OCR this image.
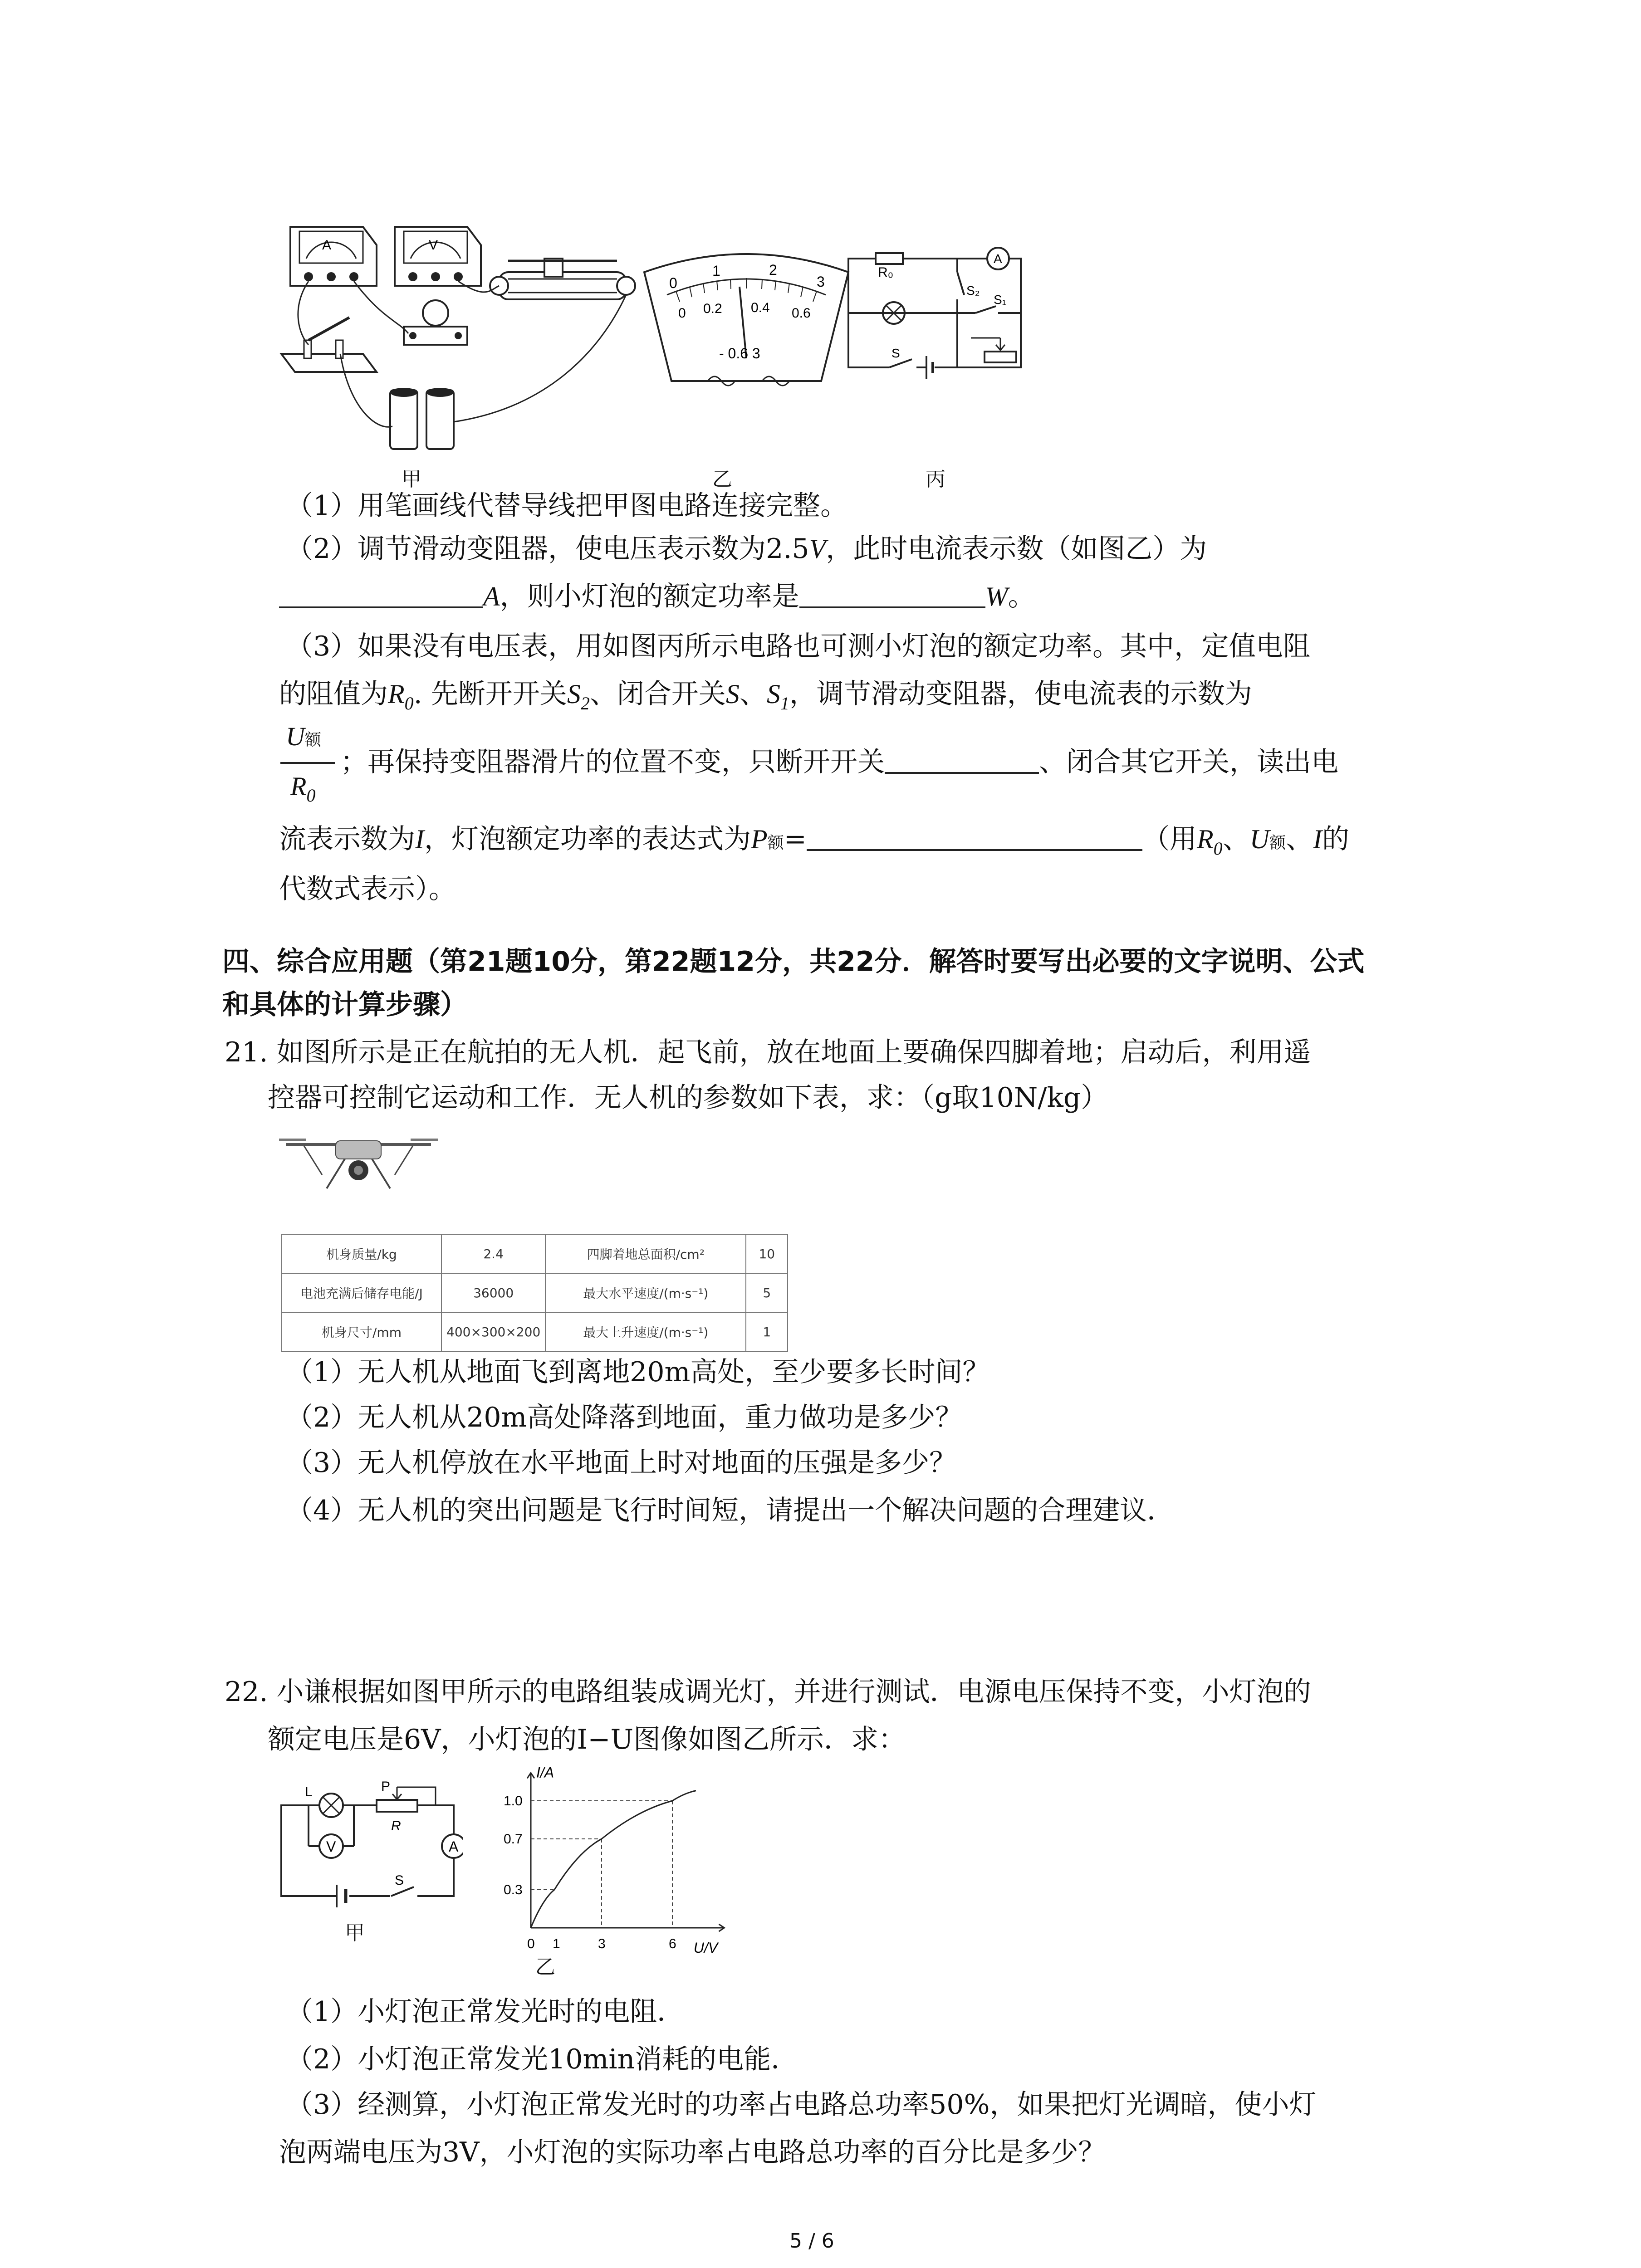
A	V
0
1	2
3
0 0.2 0.4 0.6
- 0.6 3
R₀
A
S₂
S₁
S
甲	乙	丙
（1）用笔画线代替导线把甲图电路连接完整。
（2）调节滑动变阻器，使电压表示数为2.5V，此时电流表示数（如图乙）为
A，则小灯泡的额定功率是	W。
（3）如果没有电压表，用如图丙所示电路也可测小灯泡的额定功率。其中，定值电阻
的阻值为$R_0$. 先断开开关$S_2$、闭合开关S、$S_1$，调节滑动变阻器，使电流表的示数为
U额
$R_0$
；再保持变阻器滑片的位置不变，只断开开关	、闭合其它开关，读出电
流表示数为I，灯泡额定功率的表达式为P额=	（用$R_0$、U额、I的
代数式表示）。
四、综合应用题（第21题10分，第22题12分，共22分．解答时要写出必要的文字说明、公式
和具体的计算步骤）
21. 如图所示是正在航拍的无人机．起飞前，放在地面上要确保四脚着地；启动后，利用遥
控器可控制它运动和工作．无人机的参数如下表，求：（g取10N/kg）
机身质量/kg	2.4	四脚着地总面积/cm²	10
电池充满后储存电能/J	36000	最大水平速度/(m·s⁻¹)	5
机身尺寸/mm	400×300×200	最大上升速度/(m·s⁻¹)	1
（1）无人机从地面飞到离地20m高处，至少要多长时间？
（2）无人机从20m高处降落到地面，重力做功是多少？
（3）无人机停放在水平地面上时对地面的压强是多少？
（4）无人机的突出问题是飞行时间短，请提出一个解决问题的合理建议．
22. 小谦根据如图甲所示的电路组装成调光灯，并进行测试．电源电压保持不变，小灯泡的
额定电压是6V，小灯泡的I−U图像如图乙所示．求：
L
V
P
R
A
S
甲
U/V
I/A
0 1	3	6
0.3
0.7
1.0
乙
（1）小灯泡正常发光时的电阻．
（2）小灯泡正常发光10min消耗的电能．
（3）经测算，小灯泡正常发光时的功率占电路总功率50%，如果把灯光调暗，使小灯
泡两端电压为3V，小灯泡的实际功率占电路总功率的百分比是多少？
5 / 6
